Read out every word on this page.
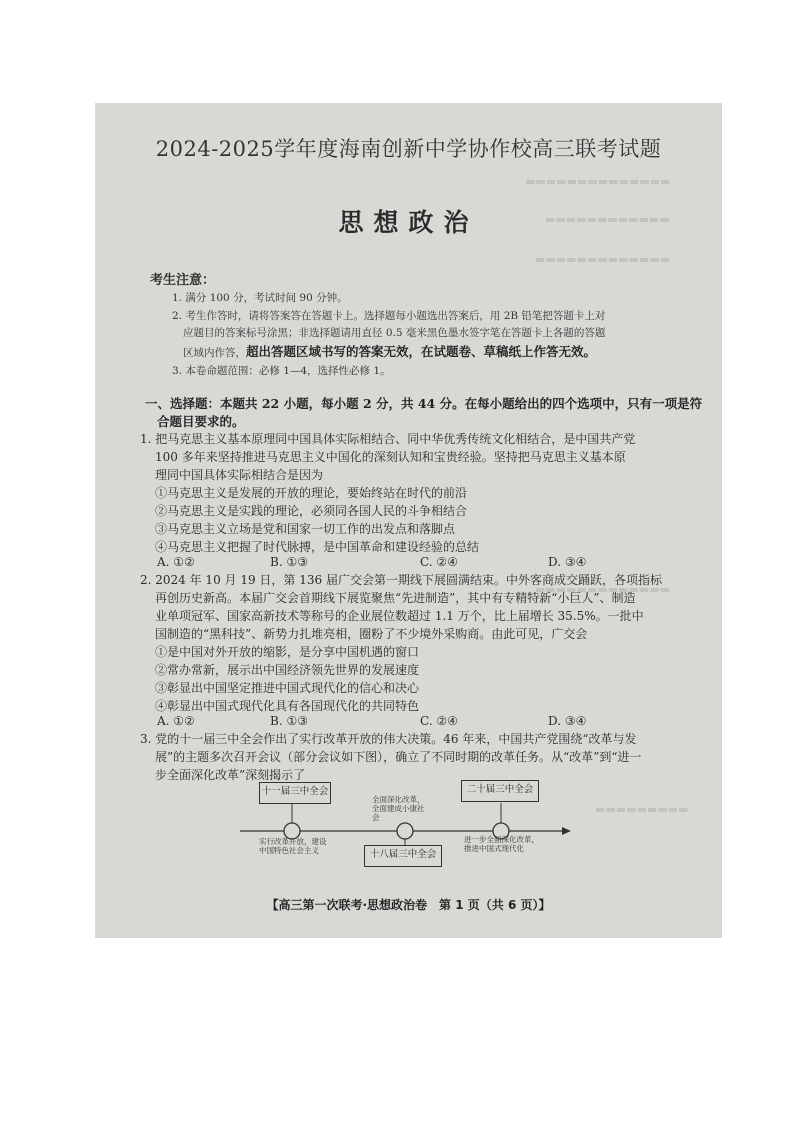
▬▬▬▬▬▬▬▬▬▬▬▬▬▬
▬▬▬▬▬▬▬▬▬▬▬▬
▬▬▬▬▬▬▬▬▬▬▬▬▬
▬▬▬▬▬▬▬▬▬▬▬▬▬
▬▬▬▬▬▬▬▬▬
2024-2025学年度海南创新中学协作校高三联考试题
思想政治
考生注意：
1. 满分 100 分，考试时间 90 分钟。
2. 考生作答时，请将答案答在答题卡上。选择题每小题选出答案后，用 2B 铅笔把答题卡上对
应题目的答案标号涂黑；非选择题请用直径 0.5 毫米黑色墨水签字笔在答题卡上各题的答题
区域内作答，超出答题区域书写的答案无效，在试题卷、草稿纸上作答无效。
3. 本卷命题范围：必修 1—4，选择性必修 1。
一、选择题：本题共 22 小题，每小题 2 分，共 44 分。在每小题给出的四个选项中，只有一项是符
合题目要求的。
1. 把马克思主义基本原理同中国具体实际相结合、同中华优秀传统文化相结合，是中国共产党
100 多年来坚持推进马克思主义中国化的深刻认知和宝贵经验。坚持把马克思主义基本原
理同中国具体实际相结合是因为
①马克思主义是发展的开放的理论，要始终站在时代的前沿
②马克思主义是实践的理论，必须同各国人民的斗争相结合
③马克思主义立场是党和国家一切工作的出发点和落脚点
④马克思主义把握了时代脉搏，是中国革命和建设经验的总结
A. ①②	B. ①③	C. ②④	D. ③④
2. 2024 年 10 月 19 日，第 136 届广交会第一期线下展圆满结束。中外客商成交踊跃，各项指标
再创历史新高。本届广交会首期线下展览聚焦“先进制造”，其中有专精特新“小巨人”、制造
业单项冠军、国家高新技术等称号的企业展位数超过 1.1 万个，比上届增长 35.5%。一批中
国制造的“黑科技”、新势力扎堆亮相，圈粉了不少境外采购商。由此可见，广交会
①是中国对外开放的缩影，是分享中国机遇的窗口
②常办常新，展示出中国经济领先世界的发展速度
③彰显出中国坚定推进中国式现代化的信心和决心
④彰显出中国式现代化具有各国现代化的共同特色
A. ①②	B. ①③	C. ②④	D. ③④
3. 党的十一届三中全会作出了实行改革开放的伟大决策。46 年来，中国共产党围绕“改革与发
展”的主题多次召开会议（部分会议如下图），确立了不同时期的改革任务。从“改革”到“进一
步全面深化改革”深刻揭示了
十一届三中全会
十八届三中全会
二十届三中全会
实行改革开放，建设
中国特色社会主义
全面深化改革，
全面建成小康社
会
进一步全面深化改革，
推进中国式现代化
【高三第一次联考·思想政治卷　第 1 页（共 6 页）】
